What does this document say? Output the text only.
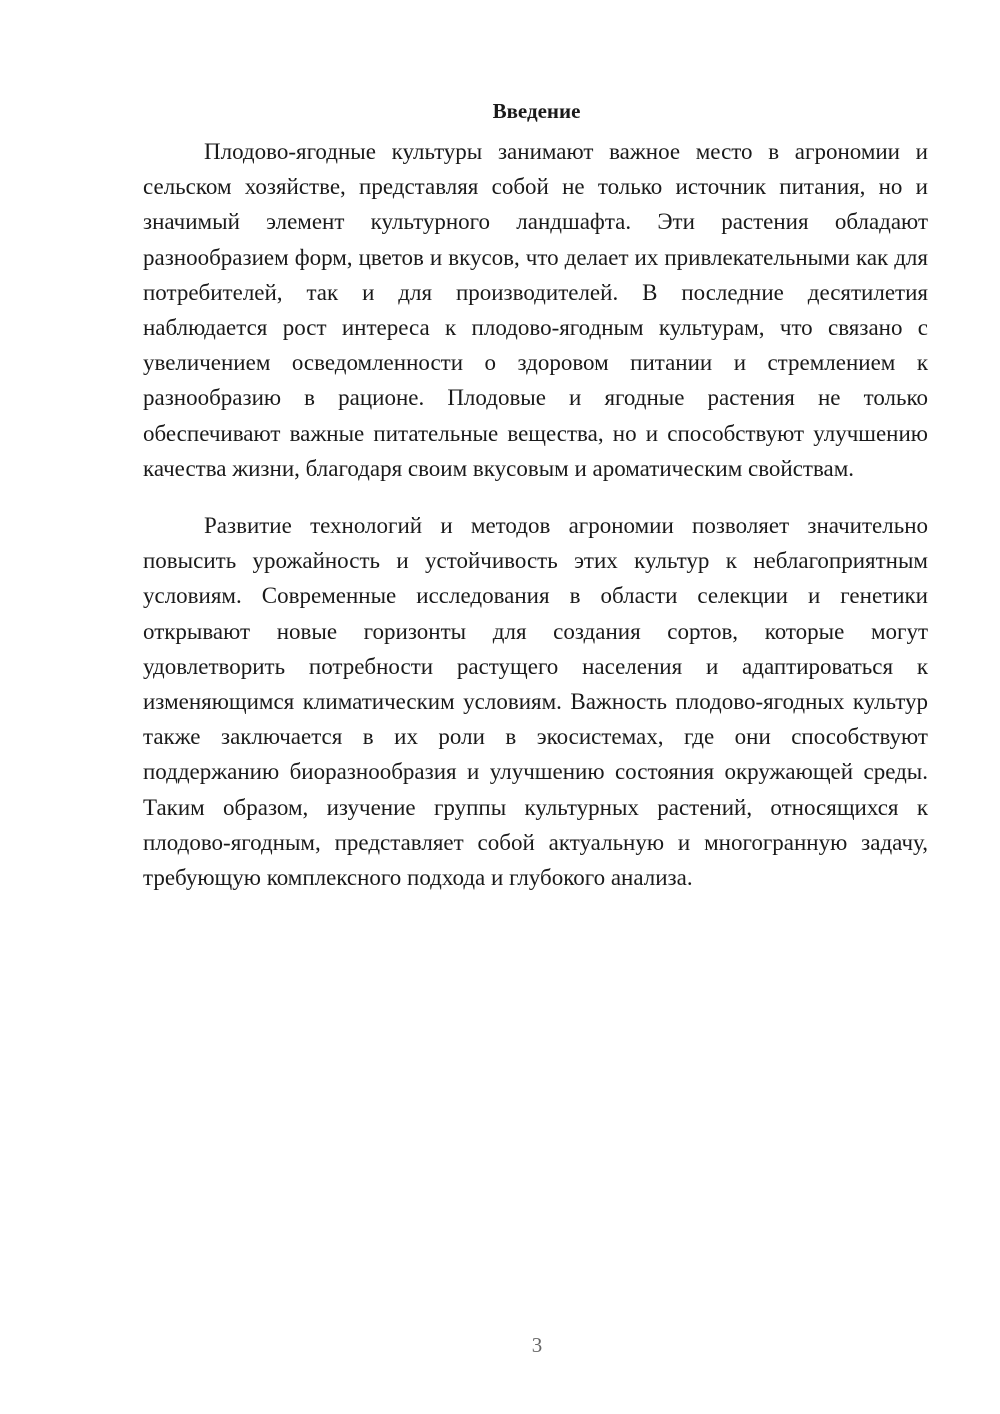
Введение

Плодово-ягодные культуры занимают важное место в агрономии и сельском хозяйстве, представляя собой не только источник питания, но и значимый элемент культурного ландшафта. Эти растения обладают разнообразием форм, цветов и вкусов, что делает их привлекательными как для потребителей, так и для производителей. В последние десятилетия наблюдается рост интереса к плодово-ягодным культурам, что связано с увеличением осведомленности о здоровом питании и стремлением к разнообразию в рационе. Плодовые и ягодные растения не только обеспечивают важные питательные вещества, но и способствуют улучшению качества жизни, благодаря своим вкусовым и ароматическим свойствам.

Развитие технологий и методов агрономии позволяет значительно повысить урожайность и устойчивость этих культур к неблагоприятным условиям. Современные исследования в области селекции и генетики открывают новые горизонты для создания сортов, которые могут удовлетворить потребности растущего населения и адаптироваться к изменяющимся климатическим условиям. Важность плодово-ягодных культур также заключается в их роли в экосистемах, где они способствуют поддержанию биоразнообразия и улучшению состояния окружающей среды. Таким образом, изучение группы культурных растений, относящихся к плодово-ягодным, представляет собой актуальную и многогранную задачу, требующую комплексного подхода и глубокого анализа.

3
